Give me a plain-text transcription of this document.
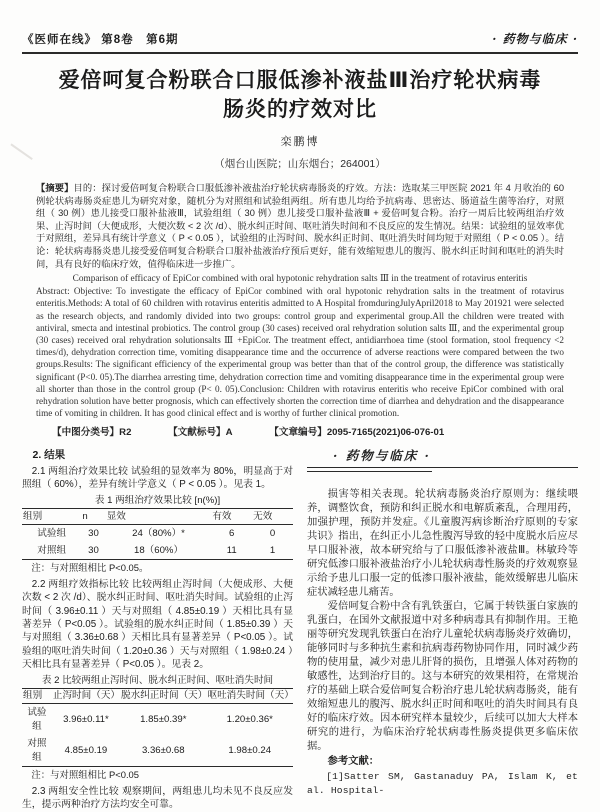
《医师在线》 第8卷　第6期	· 药物与临床 ·
爱倍呵复合粉联合口服低渗补液盐Ⅲ治疗轮状病毒肠炎的疗效对比
栾鹏博
（烟台山医院；山东烟台；264001）

【摘要】目的：探讨爱倍呵复合粉联合口服低渗补液盐治疗轮状病毒肠炎的疗效。方法：选取某三甲医院 2021 年 4 月收治的 60 例轮状病毒肠炎症患儿为研究对象，随机分为对照组和试验组两组。所有患儿均给予抗病毒、思密达、肠道益生菌等治疗，对照组（ 30 例）患儿接受口服补盐液Ⅲ，试验组组（ 30 例）患儿接受口服补盐液Ⅲ + 爱倍呵复合粉。治疗一周后比较两组治疗效果、止泻时间（大便成形，大便次数 < 2 次 /d）、脱水纠正时间、呕吐消失时间和不良反应的发生情况。结果：试验组的显效率优于对照组，差异具有统计学意义（ P < 0.05 ），试验组的止泻时间、脱水纠正时间、呕吐消失时间均短于对照组（ P < 0.05 ）。结论：轮状病毒肠炎患儿接受爱倍呵复合粉联合口服补盐液治疗预后更好，能有效缩短患儿的腹泻、脱水纠正时间和呕吐的消失时间，具有良好的临床疗效，值得临床进一步推广。

Comparison of efficacy of EpiCor combined with oral hypotonic rehydration salts Ⅲ in the treatment of rotavirus enteritis

Abstract: Objective: To investigate the efficacy of EpiCor combined with oral hypotonic rehydration salts in the treatment of rotavirus enteritis.Methods: A total of 60 children with rotavirus enteritis admitted to A Hospital fromduringJulyApril2018 to May 201921 were selected as the research objects, and randomly divided into two groups: control group and experimental group.All the children were treated with antiviral, smecta and intestinal probiotics. The control group (30 cases) received oral rehydration solution salts Ⅲ, and the experimental group (30 cases) received oral rehydration solutionsalts Ⅲ +EpiCor. The treatment effect, antidiarrhoea time (stool formation, stool frequency <2 times/d), dehydration correction time, vomiting disappearance time and the occurrence of adverse reactions were compared between the two groups.Results: The significant efficiency of the experimental group was better than that of the control group, the difference was statistically significant (P<0. 05).The diarrhea arresting time, dehydration correction time and vomiting disappearance time in the experimental group were all shorter than those in the control group (P< 0. 05).Conclusion: Children with rotavirus enteritis who receive EpiCor combined with oral rehydration solution have better prognosis, which can effectively shorten the correction time of diarrhea and dehydration and the disappearance time of vomiting in children. It has good clinical effect and is worthy of further clinical promotion.

【中图分类号】R2	【文献标号】A	【文章编号】2095-7165(2021)06-076-01
2. 结果

2.1 两组治疗效果比较 试验组的显效率为 80%，明显高于对照组（ 60%），差异有统计学意义（ P < 0.05 ）。见表 1。

表 1 两组治疗效果比较 [n(%)]
组别	n	显效	有效	无效
试验组	30	24（80%）*	6	0
对照组	30	18（60%）	11	1
注：与对照组相比 P<0.05。

2.2 两组疗效指标比较 比较两组止泻时间（大便成形、大便次数 < 2 次 /d）、脱水纠正时间、呕吐消失时间。试验组的止泻时间（ 3.96±0.11 ）天与对照组（ 4.85±0.19 ）天相比具有显著差异（ P<0.05 ）。试验组的脱水纠正时间（ 1.85±0.39 ）天与对照组（ 3.36±0.68 ）天相比具有显著差异（ P<0.05 ）。试验组的呕吐消失时间（ 1.20±0.36 ）天与对照组（ 1.98±0.24 ）天相比具有显著差异（ P<0.05 ）。见表 2。

表 2 比较两组止泻时间、脱水纠正时间、呕吐消失时间
组别	止泻时间（天）	脱水纠正时间（天）	呕吐消失时间（天）
试验组	3.96±0.11*	1.85±0.39*	1.20±0.36*
对照组	4.85±0.19	3.36±0.68	1.98±0.24
注：与对照组相比 P<0.05

2.3 两组安全性比较 观察期间，两组患儿均未见不良反应发生，提示两种治疗方法均安全可靠。

· 药物与临床 ·

损害等相关表现。轮状病毒肠炎治疗原则为：继续喂养，调整饮食，预防和纠正脱水和电解质紊乱，合理用药，加强护理，预防并发症。《儿童腹泻病诊断治疗原则的专家共识》指出，在纠正小儿急性腹泻导致的轻中度脱水后应尽早口服补液，故本研究给与了口服低渗补液盐Ⅲ。林敏玲等研究低渗口服补液盐治疗小儿轮状病毒性肠炎的疗效观察显示给予患儿口服一定的低渗口服补液盐，能效缓解患儿临床症状减轻患儿痛苦。

爱倍呵复合粉中含有乳铁蛋白，它属于转铁蛋白家族的乳蛋白，在国外文献报道中对多种病毒具有抑制作用。王艳丽等研究发现乳铁蛋白在治疗儿童轮状病毒肠炎疗效确切，能够同时与多种抗生素和抗病毒药物协同作用，同时减少药物的使用量，减少对患儿肝肾的损伤，且增强人体对药物的敏感性，达到治疗目的。这与本研究的效果相符，在常规治疗的基础上联合爱倍呵复合粉治疗患儿轮状病毒肠炎，能有效缩短患儿的腹泻、脱水纠正时间和呕吐的消失时间具有良好的临床疗效。因本研究样本量较少，后续可以加大大样本研究的进行，为临床治疗轮状病毒性肠炎提供更多临床依据。

参考文献：
[1]Satter SM, Gastanaduy PA, Islam K, et al. Hospital-
